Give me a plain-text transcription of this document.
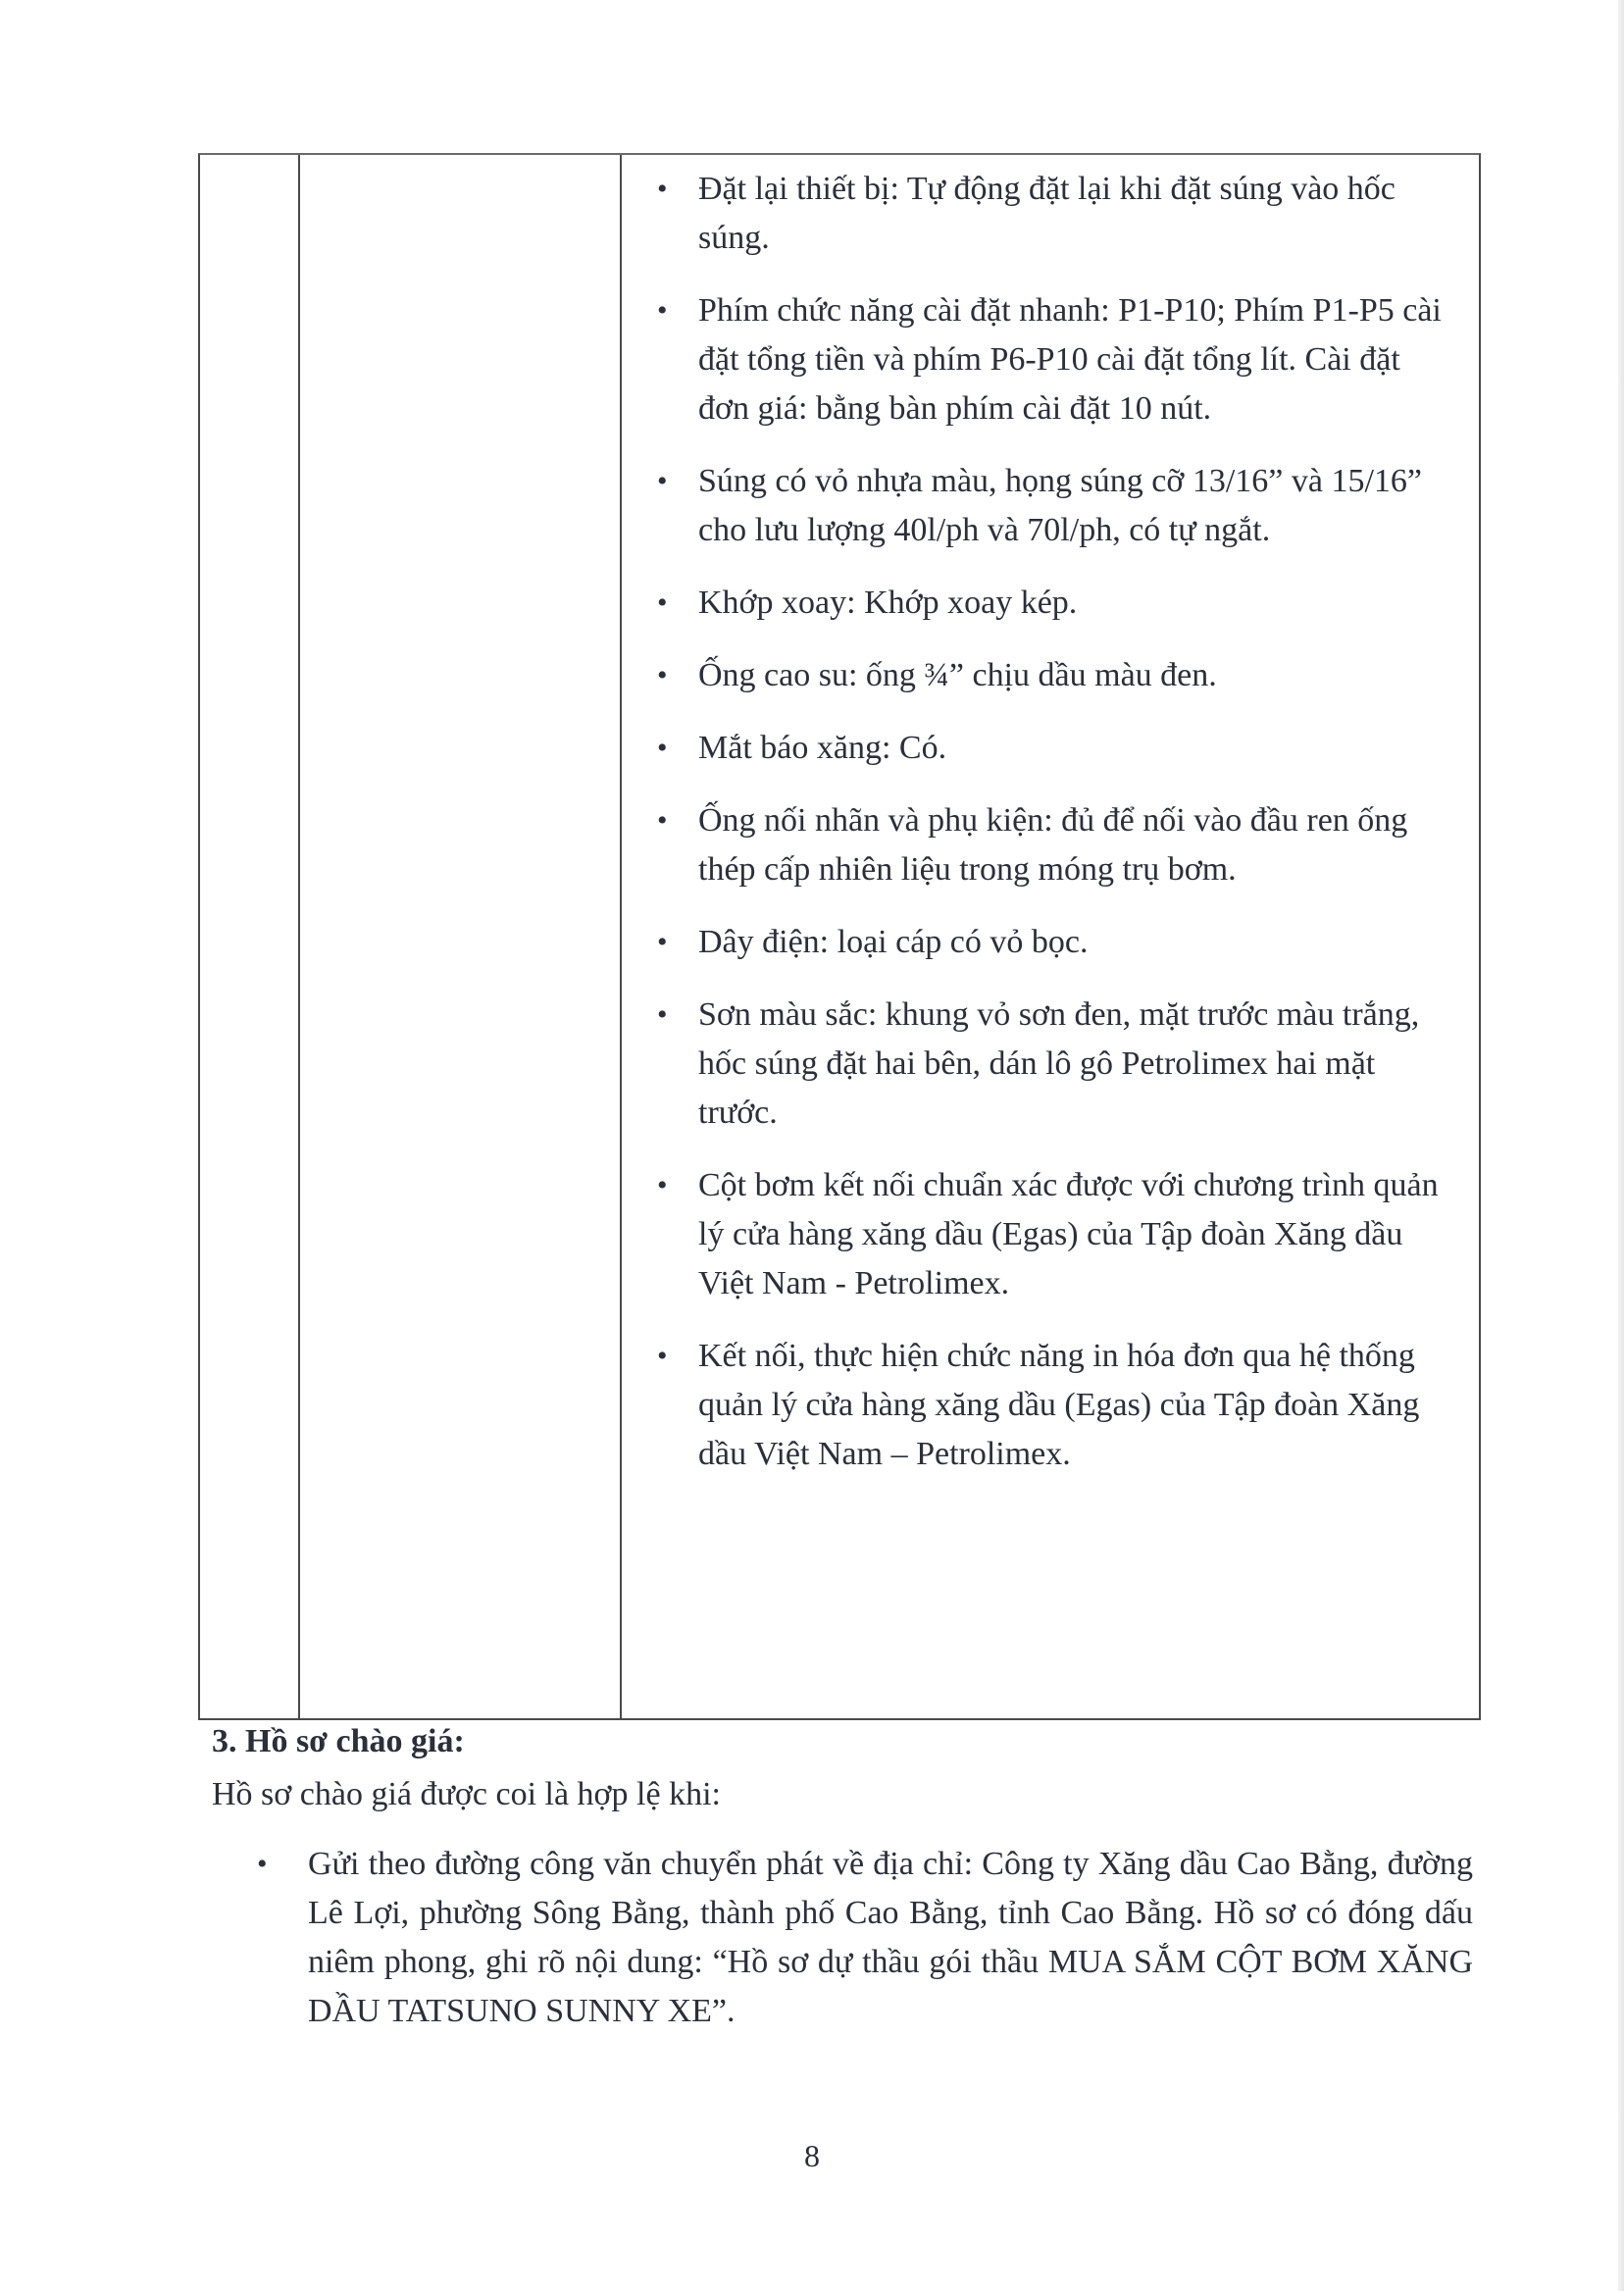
• Đặt lại thiết bị: Tự động đặt lại khi đặt súng vào hốc súng.
• Phím chức năng cài đặt nhanh: P1-P10; Phím P1-P5 cài đặt tổng tiền và phím P6-P10 cài đặt tổng lít. Cài đặt đơn giá: bằng bàn phím cài đặt 10 nút.
• Súng có vỏ nhựa màu, họng súng cỡ 13/16” và 15/16” cho lưu lượng 40l/ph và 70l/ph, có tự ngắt.
• Khớp xoay: Khớp xoay kép.
• Ống cao su: ống ¾” chịu dầu màu đen.
• Mắt báo xăng: Có.
• Ống nối nhãn và phụ kiện: đủ để nối vào đầu ren ống thép cấp nhiên liệu trong móng trụ bơm.
• Dây điện: loại cáp có vỏ bọc.
• Sơn màu sắc: khung vỏ sơn đen, mặt trước màu trắng, hốc súng đặt hai bên, dán lô gô Petrolimex hai mặt trước.
• Cột bơm kết nối chuẩn xác được với chương trình quản lý cửa hàng xăng dầu (Egas) của Tập đoàn Xăng dầu Việt Nam - Petrolimex.
• Kết nối, thực hiện chức năng in hóa đơn qua hệ thống quản lý cửa hàng xăng dầu (Egas) của Tập đoàn Xăng dầu Việt Nam – Petrolimex.
3. Hồ sơ chào giá:
Hồ sơ chào giá được coi là hợp lệ khi:
• Gửi theo đường công văn chuyển phát về địa chỉ: Công ty Xăng dầu Cao Bằng, đường Lê Lợi, phường Sông Bằng, thành phố Cao Bằng, tỉnh Cao Bằng. Hồ sơ có đóng dấu niêm phong, ghi rõ nội dung: “Hồ sơ dự thầu gói thầu MUA SẮM CỘT BƠM XĂNG DẦU TATSUNO SUNNY XE”.
8
